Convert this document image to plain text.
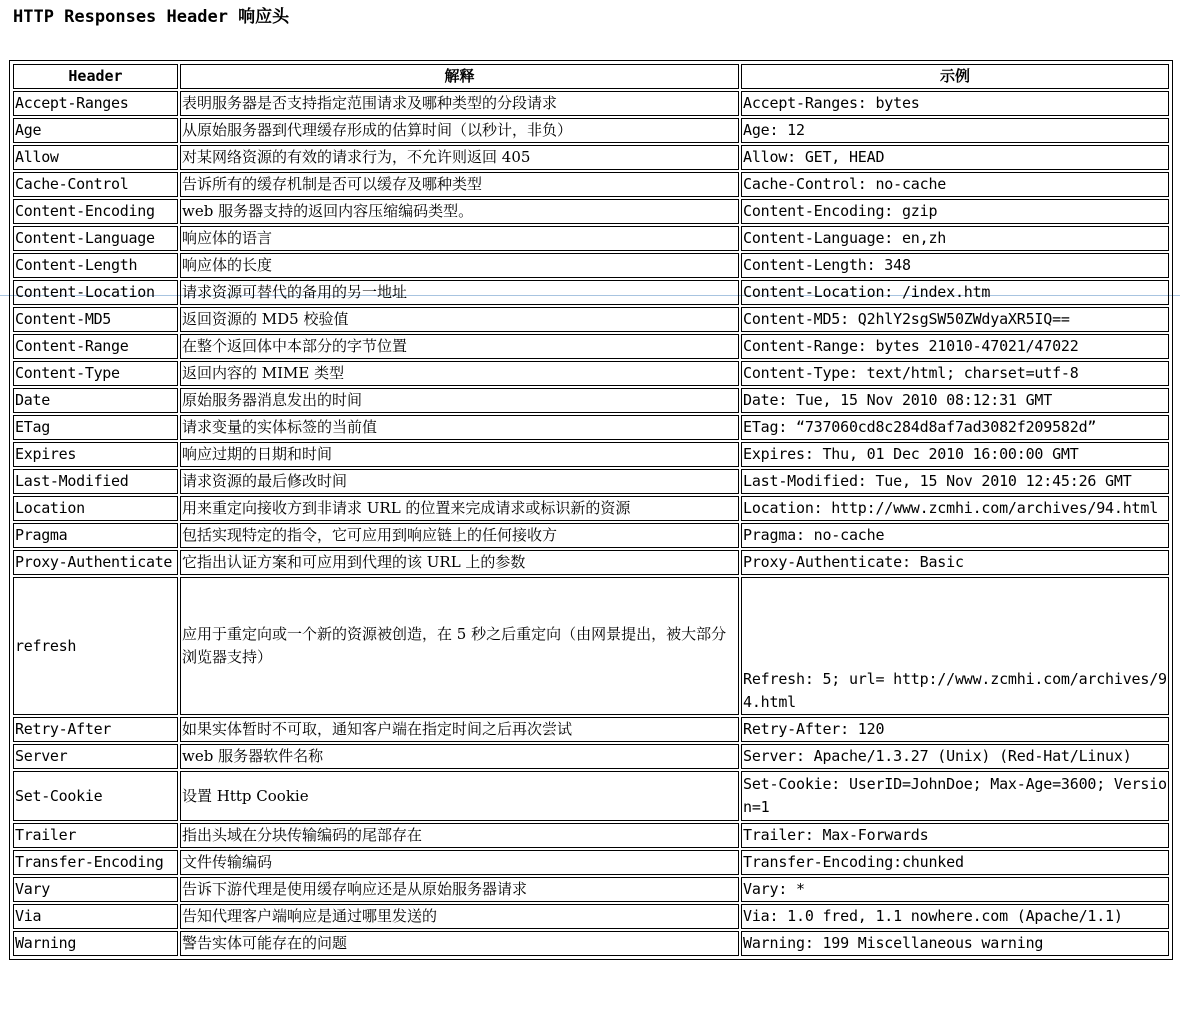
HTTP Responses Header 响应头
Header	解释	示例
Accept-Ranges	表明服务器是否支持指定范围请求及哪种类型的分段请求	Accept-Ranges: bytes
Age	从原始服务器到代理缓存形成的估算时间（以秒计，非负）	Age: 12
Allow	对某网络资源的有效的请求行为，不允许则返回 405	Allow: GET, HEAD
Cache-Control	告诉所有的缓存机制是否可以缓存及哪种类型	Cache-Control: no-cache
Content-Encoding	web 服务器支持的返回内容压缩编码类型。	Content-Encoding: gzip
Content-Language	响应体的语言	Content-Language: en,zh
Content-Length	响应体的长度	Content-Length: 348
Content-Location	请求资源可替代的备用的另一地址	Content-Location: /index.htm
Content-MD5	返回资源的 MD5 校验值	Content-MD5: Q2hlY2sgSW50ZWdyaXR5IQ==
Content-Range	在整个返回体中本部分的字节位置	Content-Range: bytes 21010-47021/47022
Content-Type	返回内容的 MIME 类型	Content-Type: text/html; charset=utf-8
Date	原始服务器消息发出的时间	Date: Tue, 15 Nov 2010 08:12:31 GMT
ETag	请求变量的实体标签的当前值	ETag: “737060cd8c284d8af7ad3082f209582d”
Expires	响应过期的日期和时间	Expires: Thu, 01 Dec 2010 16:00:00 GMT
Last-Modified	请求资源的最后修改时间	Last-Modified: Tue, 15 Nov 2010 12:45:26 GMT
Location	用来重定向接收方到非请求 URL 的位置来完成请求或标识新的资源	Location: http://www.zcmhi.com/archives/94.html
Pragma	包括实现特定的指令，它可应用到响应链上的任何接收方	Pragma: no-cache
Proxy-Authenticate	它指出认证方案和可应用到代理的该 URL 上的参数	Proxy-Authenticate: Basic
refresh	应用于重定向或一个新的资源被创造，在 5 秒之后重定向（由网景提出，被大部分浏览器支持）	Refresh: 5; url= http://www.zcmhi.com/archives/94.html
Retry-After	如果实体暂时不可取，通知客户端在指定时间之后再次尝试	Retry-After: 120
Server	web 服务器软件名称	Server: Apache/1.3.27 (Unix) (Red-Hat/Linux)
Set-Cookie	设置 Http Cookie	Set-Cookie: UserID=JohnDoe; Max-Age=3600; Version=1
Trailer	指出头域在分块传输编码的尾部存在	Trailer: Max-Forwards
Transfer-Encoding	文件传输编码	Transfer-Encoding:chunked
Vary	告诉下游代理是使用缓存响应还是从原始服务器请求	Vary: *
Via	告知代理客户端响应是通过哪里发送的	Via: 1.0 fred, 1.1 nowhere.com (Apache/1.1)
Warning	警告实体可能存在的问题	Warning: 199 Miscellaneous warning
